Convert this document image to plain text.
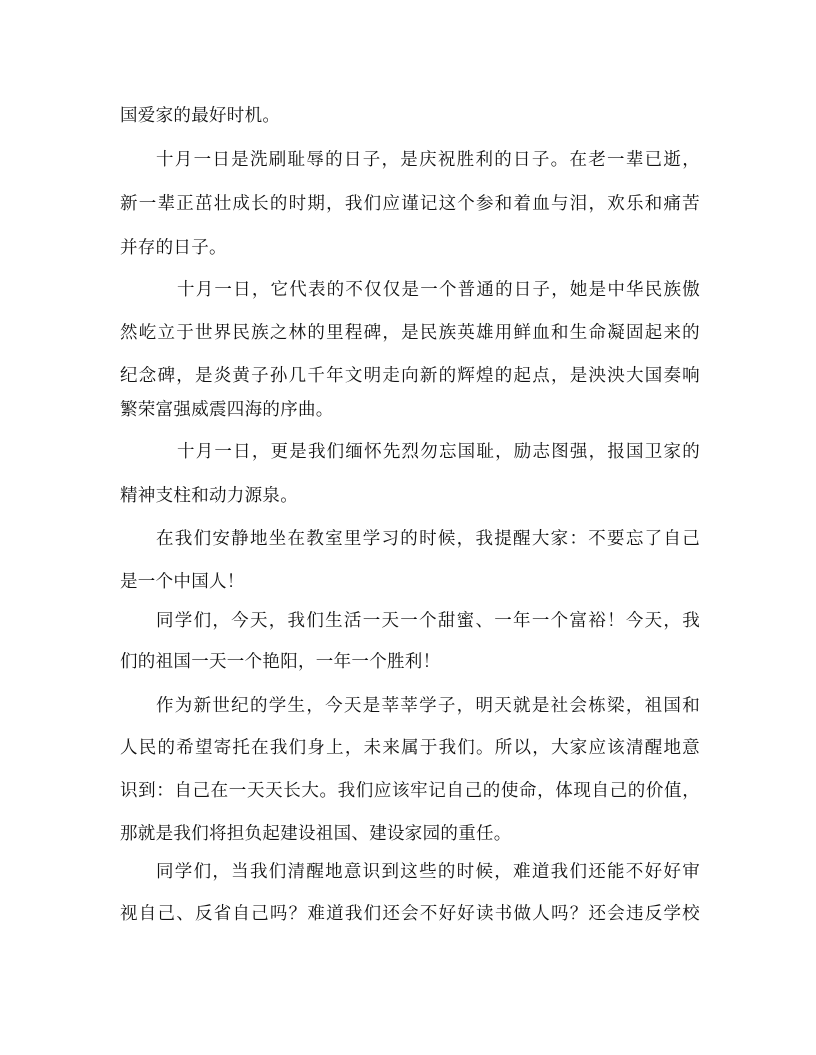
国爱家的最好时机。
十月一日是洗刷耻辱的日子，是庆祝胜利的日子。在老一辈已逝，
新一辈正茁壮成长的时期，我们应谨记这个参和着血与泪，欢乐和痛苦
并存的日子。
十月一日，它代表的不仅仅是一个普通的日子，她是中华民族傲
然屹立于世界民族之林的里程碑，是民族英雄用鲜血和生命凝固起来的
纪念碑，是炎黄子孙几千年文明走向新的辉煌的起点，是泱泱大国奏响
繁荣富强威震四海的序曲。
十月一日，更是我们缅怀先烈勿忘国耻，励志图强，报国卫家的
精神支柱和动力源泉。
在我们安静地坐在教室里学习的时候，我提醒大家：不要忘了自己
是一个中国人！
同学们，今天，我们生活一天一个甜蜜、一年一个富裕！今天，我
们的祖国一天一个艳阳，一年一个胜利！
作为新世纪的学生，今天是莘莘学子，明天就是社会栋梁，祖国和
人民的希望寄托在我们身上，未来属于我们。所以，大家应该清醒地意
识到：自己在一天天长大。我们应该牢记自己的使命，体现自己的价值，
那就是我们将担负起建设祖国、建设家园的重任。
同学们，当我们清醒地意识到这些的时候，难道我们还能不好好审
视自己、反省自己吗？难道我们还会不好好读书做人吗？还会违反学校
